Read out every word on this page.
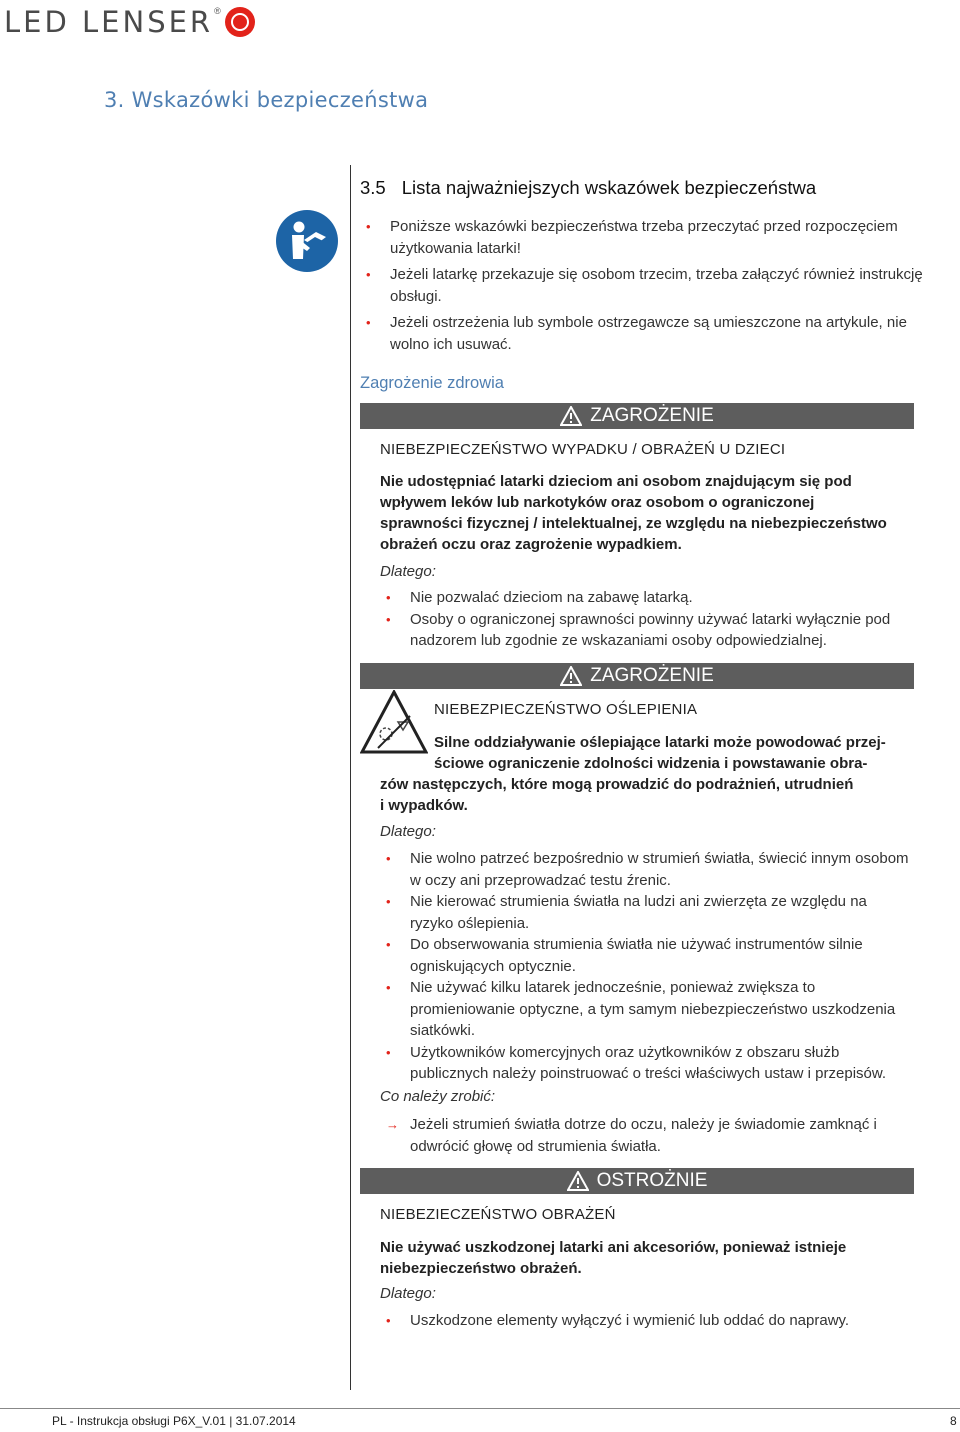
LED LENSER ®
3. Wskazówki bezpieczeństwa
3.5 Lista najważniejszych wskazówek bezpieczeństwa
• Poniższe wskazówki bezpieczeństwa trzeba przeczytać przed rozpoczęciem użytkowania latarki!
• Jeżeli latarkę przekazuje się osobom trzecim, trzeba załączyć również instrukcję obsługi.
• Jeżeli ostrzeżenia lub symbole ostrzegawcze są umieszczone na artykule, nie wolno ich usuwać.
Zagrożenie zdrowia
ZAGROŻENIE
NIEBEZPIECZEŃSTWO WYPADKU / OBRAŻEŃ U DZIECI
Nie udostępniać latarki dzieciom ani osobom znajdującym się pod wpływem leków lub narkotyków oraz osobom o ograniczonej sprawności fizycznej / intelektualnej, ze względu na niebezpieczeństwo obrażeń oczu oraz zagrożenie wypadkiem.
Dlatego:
• Nie pozwalać dzieciom na zabawę latarką.
• Osoby o ograniczonej sprawności powinny używać latarki wyłącznie pod nadzorem lub zgodnie ze wskazaniami osoby odpowiedzialnej.
ZAGROŻENIE
NIEBEZPIECZEŃSTWO OŚLEPIENIA
Silne oddziaływanie oślepiające latarki może powodować przej-
ściowe ograniczenie zdolności widzenia i powstawanie obra-
zów następczych, które mogą prowadzić do podrażnień, utrudnień
i wypadków.
Dlatego:
• Nie wolno patrzeć bezpośrednio w strumień światła, świecić innym osobom w oczy ani przeprowadzać testu źrenic.
• Nie kierować strumienia światła na ludzi ani zwierzęta ze względu na ryzyko oślepienia.
• Do obserwowania strumienia światła nie używać instrumentów silnie ogniskujących optycznie.
• Nie używać kilku latarek jednocześnie, ponieważ zwiększa to promieniowanie optyczne, a tym samym niebezpieczeństwo uszkodzenia siatkówki.
• Użytkowników komercyjnych oraz użytkowników z obszaru służb publicznych należy poinstruować o treści właściwych ustaw i przepisów.
Co należy zrobić:
→ Jeżeli strumień światła dotrze do oczu, należy je świadomie zamknąć i odwrócić głowę od strumienia światła.
OSTROŻNIE
NIEBEZIECZEŃSTWO OBRAŻEŃ
Nie używać uszkodzonej latarki ani akcesoriów, ponieważ istnieje niebezpieczeństwo obrażeń.
Dlatego:
• Uszkodzone elementy wyłączyć i wymienić lub oddać do naprawy.
PL - Instrukcja obsługi P6X_V.01 | 31.07.2014	8
